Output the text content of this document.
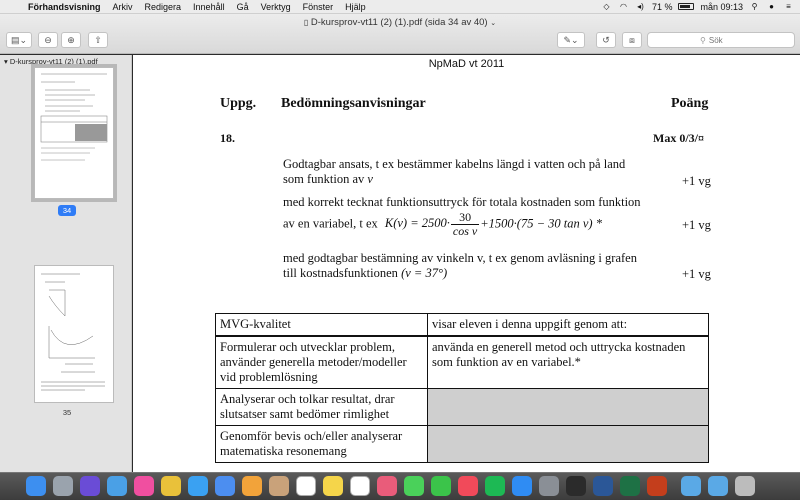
Förhandsvisning	Arkiv	Redigera	Innehåll	Gå	Verktyg	Fönster	Hjälp	◇	◠ ◂) 71 %	mån 09:13	⚲	●	≡
▯ D-kursprov-vt11 (2) (1).pdf (sida 34 av 40) ⌄
▤⌄ ⊖ ⊕ ⇧	✎⌄	↺ ⧈	⚲
Sök
▾ D-kursprov-vt11 (2) (1).pdf
34
35
NpMaD vt 2011
Uppg. Bedömningsanvisningar	Poäng
18.	Max 0/3/¤
Godtagbar ansats, t ex bestämmer kabelns längd i vatten och på land
som funktion av v	+1 vg
med korrekt tecknat funktionsuttryck för totala kostnaden som funktion
av en variabel, t ex $K(v) = 2500\cdot \frac{30}{\text{cos v}} +1500\cdot(75 - 30$ tan v) *	+1 vg
med godtagbar bestämning av vinkeln v, t ex genom avläsning i grafen
till kostnadsfunktionen (v = 37°)	+1 vg
MVG-kvalitet	visar eleven i denna uppgift genom att:
Formulerar och utvecklar problem, använder generella metoder/modeller vid problemlösning	använda en generell metod och uttrycka kostnaden som funktion av en variabel.*
Analyserar och tolkar resultat, drar slutsatser samt bedömer rimlighet	
Genomför bevis och/eller analyserar matematiska resonemang	
